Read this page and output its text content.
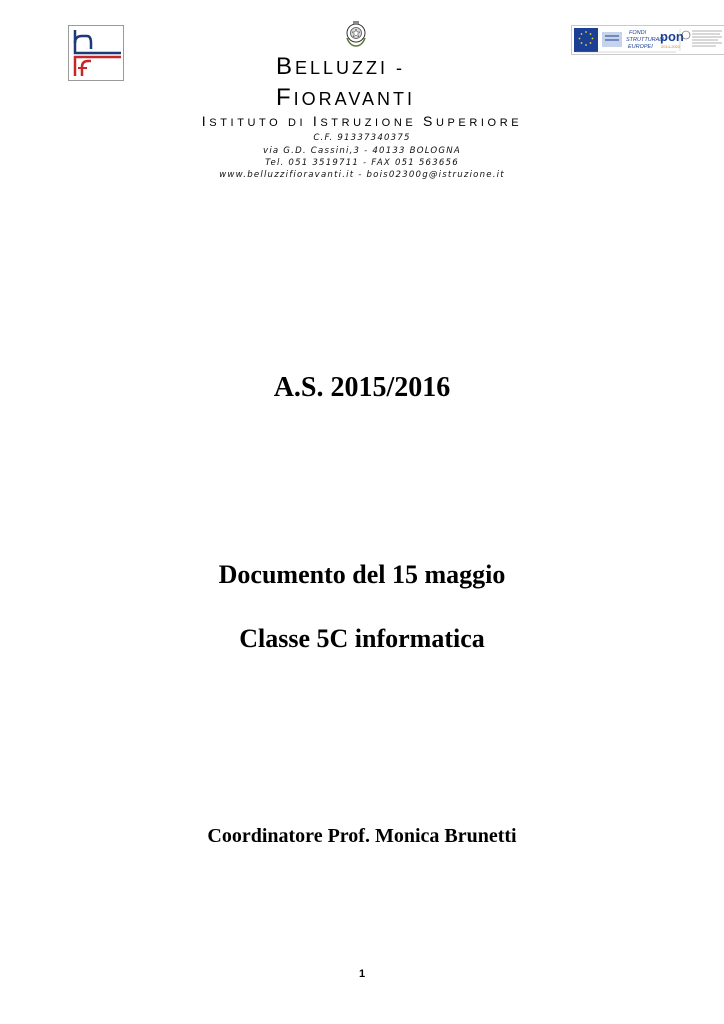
FONDI
STRUTTURALI
EUROPEI
pon
2014-2020
BELLUZZI -
FIORAVANTI
ISTITUTO DI ISTRUZIONE SUPERIORE
C.F. 91337340375
via G.D. Cassini,3 - 40133 BOLOGNA
Tel. 051 3519711 - FAX 051 563656
www.belluzzifioravanti.it - bois02300g@istruzione.it
A.S. 2015/2016
Documento del 15 maggio
Classe 5C informatica
Coordinatore Prof. Monica Brunetti
1
